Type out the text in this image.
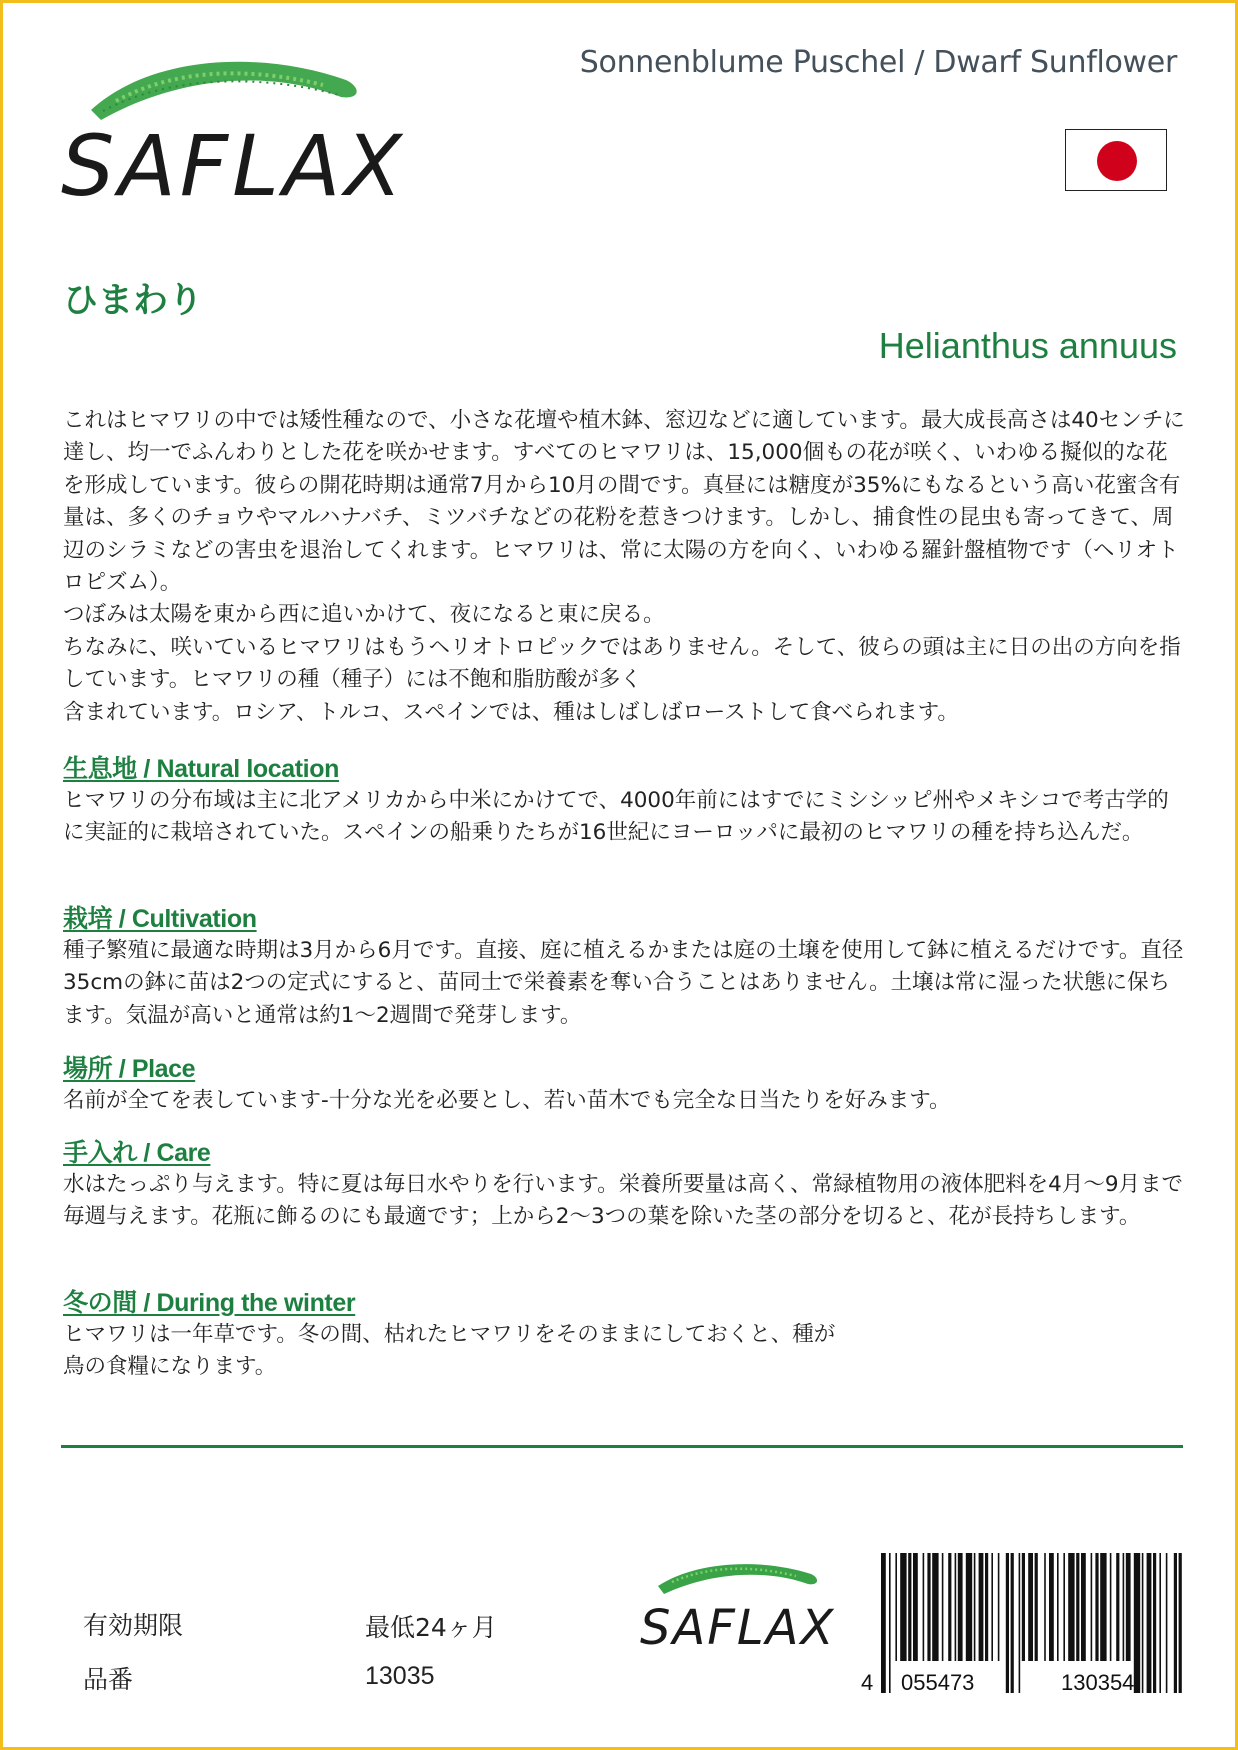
SAFLAX
Sonnenblume Puschel / Dwarf Sunflower
ひまわり
Helianthus annuus

これはヒマワリの中では矮性種なので、小さな花壇や植木鉢、窓辺などに適しています。最大成長高さは40センチに達し、均一でふんわりとした花を咲かせます。すべてのヒマワリは、15,000個もの花が咲く、いわゆる擬似的な花を形成しています。彼らの開花時期は通常7月から10月の間です。真昼には糖度が35%にもなるという高い花蜜含有量は、多くのチョウやマルハナバチ、ミツバチなどの花粉を惹きつけます。しかし、捕食性の昆虫も寄ってきて、周辺のシラミなどの害虫を退治してくれます。ヒマワリは、常に太陽の方を向く、いわゆる羅針盤植物です（ヘリオトロピズム）。

つぼみは太陽を東から西に追いかけて、夜になると東に戻る。

ちなみに、咲いているヒマワリはもうヘリオトロピックではありません。そして、彼らの頭は主に日の出の方向を指しています。ヒマワリの種（種子）には不飽和脂肪酸が多く

含まれています。ロシア、トルコ、スペインでは、種はしばしばローストして食べられます。

生息地 / Natural location
ヒマワリの分布域は主に北アメリカから中米にかけてで、4000年前にはすでにミシシッピ州やメキシコで考古学的に実証的に栽培されていた。スペインの船乗りたちが16世紀にヨーロッパに最初のヒマワリの種を持ち込んだ。
栽培 / Cultivation
種子繁殖に最適な時期は3月から6月です。直接、庭に植えるかまたは庭の土壌を使用して鉢に植えるだけです。直径35cmの鉢に苗は2つの定式にすると、苗同士で栄養素を奪い合うことはありません。土壌は常に湿った状態に保ちます。気温が高いと通常は約1～2週間で発芽します。
場所 / Place
名前が全てを表しています-十分な光を必要とし、若い苗木でも完全な日当たりを好みます。
手入れ / Care
水はたっぷり与えます。特に夏は毎日水やりを行います。栄養所要量は高く、常緑植物用の液体肥料を4月～9月まで毎週与えます。花瓶に飾るのにも最適です；上から2～3つの葉を除いた茎の部分を切ると、花が長持ちします。
冬の間 / During the winter
ヒマワリは一年草です。冬の間、枯れたヒマワリをそのままにしておくと、種が
鳥の食糧になります。
有効期限	最低24ヶ月
品番	13035
SAFLAX
4 055473	130354
